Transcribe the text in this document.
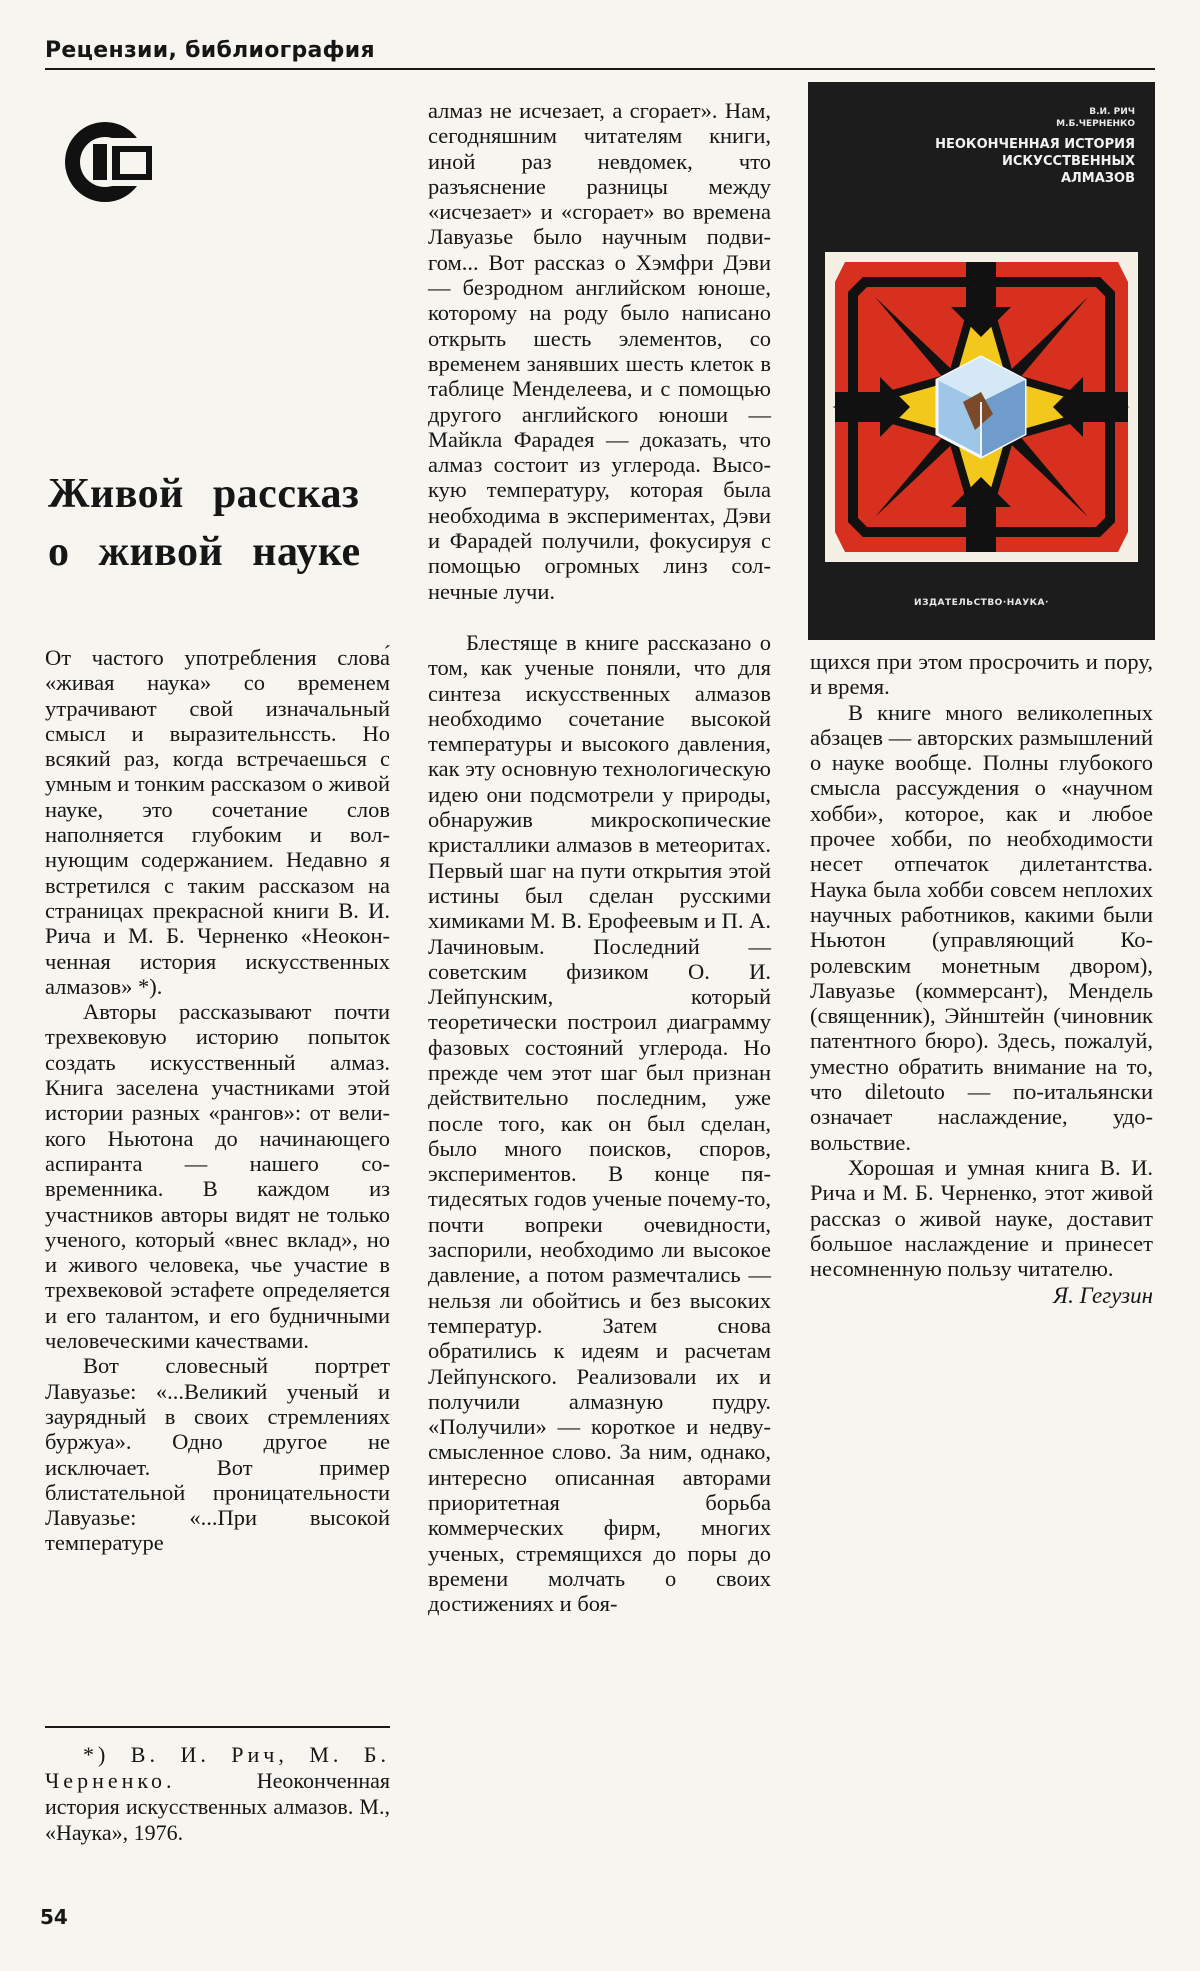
Рецензии, библиография
Живой рассказ
о живой науке

От частого употребления слова́ «живая наука» со временем утрачивают свой изначальный смысл и выразительнсcть. Но всякий раз, когда встречаешься с умным и тонким рассказом о живой науке, это сочетание слов наполняется глубоким и волнующим содержанием. Недавно я встретился с таким рассказом на страницах прекрасной книги В. И. Рича и М. Б. Черненко «Неоконченная история искусственных алмазов» *).

Авторы рассказывают почти трехвековую историю попыток создать искусственный алмаз. Книга заселена участниками этой истории разных «рангов»: от великого Ньютона до начинающего аспиранта — нашего современника. В каждом из участников авторы видят не только ученого, который «внес вклад», но и живого человека, чье участие в трехвековой эстафете определяется и его талантом, и его будничными человеческими качествами.

Вот словесный портрет Лавуазье: «...Великий ученый и заурядный в своих стремлениях буржуа». Одно другое не исключает. Вот пример блистательной проницательности Лавуазье: «...При высокой температуре

*) В. И. Рич, М. Б. Черненко.	Неоконченная история искусственных алмазов. М., «Наука», 1976.

алмаз не исчезает, а сгорает». Нам, сегодняшним читателям книги, иной раз невдомек, что разъяснение разницы между «исчезает» и «сгорает» во времена Лавуазье было научным подвигом... Вот рассказ о Хэмфри Дэви — безродном английском юноше, которому на роду было написано открыть шесть элементов, со временем занявших шесть клеток в таблице Менделеева, и с помощью другого английского юноши — Майкла Фарадея — доказать, что алмаз состоит из углерода. Высокую температуру, которая была необходима в экспериментах, Дэви и Фарадей получили, фокусируя с помощью огромных линз солнечные лучи.

Блестяще в книге рассказано о том, как ученые поняли, что для синтеза искусственных алмазов необходимо сочетание высокой температуры и высокого давления, как эту основную технологическую идею они подсмотрели у природы, обнаружив микроскопические кристаллики алмазов в метеоритах. Первый шаг на пути открытия этой истины был сделан русскими химиками М. В. Ерофеевым и П. А. Лачиновым. Последний — советским физиком О. И. Лейпунским, который теоретически построил диаграмму фазовых состояний углерода. Но прежде чем этот шаг был признан действительно последним, уже после того, как он был сделан, было много поисков, споров, экспериментов. В конце пятидесятых годов ученые почему-то, почти вопреки очевидности, заспорили, необходимо ли высокое давление, а потом размечтались — нельзя ли обойтись и без высоких температур. Затем снова обратились к идеям и расчетам Лейпунского. Реализовали их и получили алмазную пудру. «Получили» — короткое и недвусмысленное слово. За ним, однако, интересно описанная авторами приоритетная борьба коммерческих фирм, многих ученых, стремящихся до поры до времени молчать о своих достижениях и боя-

В.И. РИЧ
М.Б.ЧЕРНЕНКО
НЕОКОНЧЕННАЯ ИСТОРИЯ
ИСКУССТВЕННЫХ
АЛМАЗОВ
ИЗДАТЕЛЬСТВО·НАУКА·

щихся при этом просрочить и пору, и время.

В книге много великолепных абзацев — авторских размышлений о науке вообще. Полны глубокого смысла рассуждения о «научном хобби», которое, как и любое прочее хобби, по необходимости несет отпечаток дилетантства. Наука была хобби совсем неплохих научных работников, какими были Ньютон (управляющий Королевским монетным двором), Лавуазье (коммерсант), Мендель (священник), Эйнштейн (чиновник патентного бюро). Здесь, пожалуй, уместно обратить внимание на то, что diletouto — по-итальянски означает наслаждение, удовольствие.

Хорошая и умная книга В. И. Рича и М. Б. Черненко, этот живой рассказ о живой науке, доставит большое наслаждение и принесет несомненную пользу читателю.

Я. Гегузин
54
